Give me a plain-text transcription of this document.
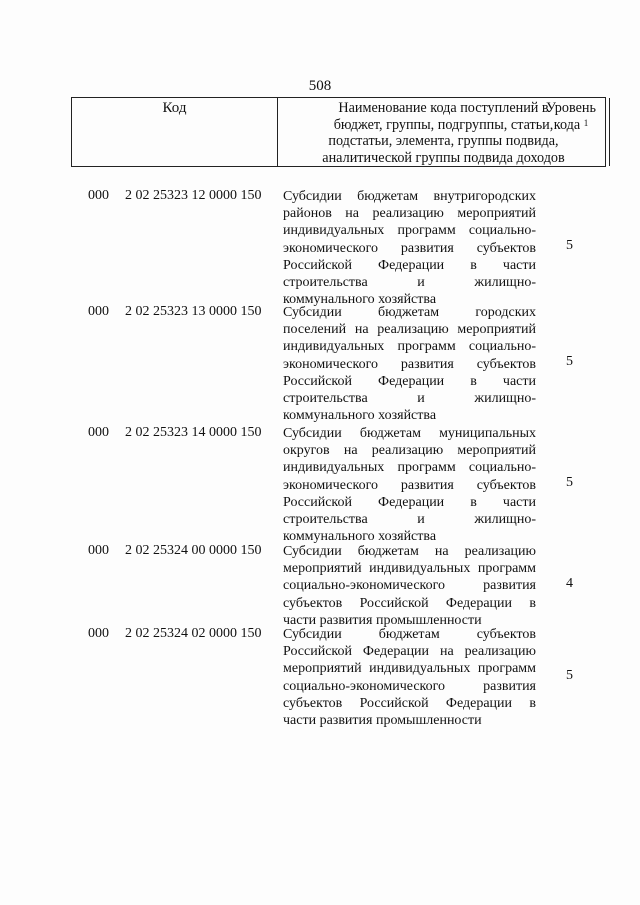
508
Код	Наименование кода поступлений в
бюджет, группы, подгруппы, статьи,
подстатьи, элемента, группы подвида,
аналитической группы подвида доходов
Уровень
кода $^1$
000 2 02 25323 12 0000 150 Субсидии бюджетам внутригородских
районов на реализацию мероприятий
индивидуальных программ социально-
экономического развития субъектов
Российской Федерации в части
строительства и жилищно-
коммунального хозяйства
5
000 2 02 25323 13 0000 150 Субсидии бюджетам городских
поселений на реализацию мероприятий
индивидуальных программ социально-
экономического развития субъектов
Российской Федерации в части
строительства и жилищно-
коммунального хозяйства
5
000 2 02 25323 14 0000 150 Субсидии бюджетам муниципальных
округов на реализацию мероприятий
индивидуальных программ социально-
экономического развития субъектов
Российской Федерации в части
строительства и жилищно-
коммунального хозяйства
5
000 2 02 25324 00 0000 150 Субсидии бюджетам на реализацию
мероприятий индивидуальных программ
социально-экономического развития
субъектов Российской Федерации в
части развития промышленности
4
000 2 02 25324 02 0000 150 Субсидии бюджетам субъектов
Российской Федерации на реализацию
мероприятий индивидуальных программ
социально-экономического развития
субъектов Российской Федерации в
части развития промышленности
5
